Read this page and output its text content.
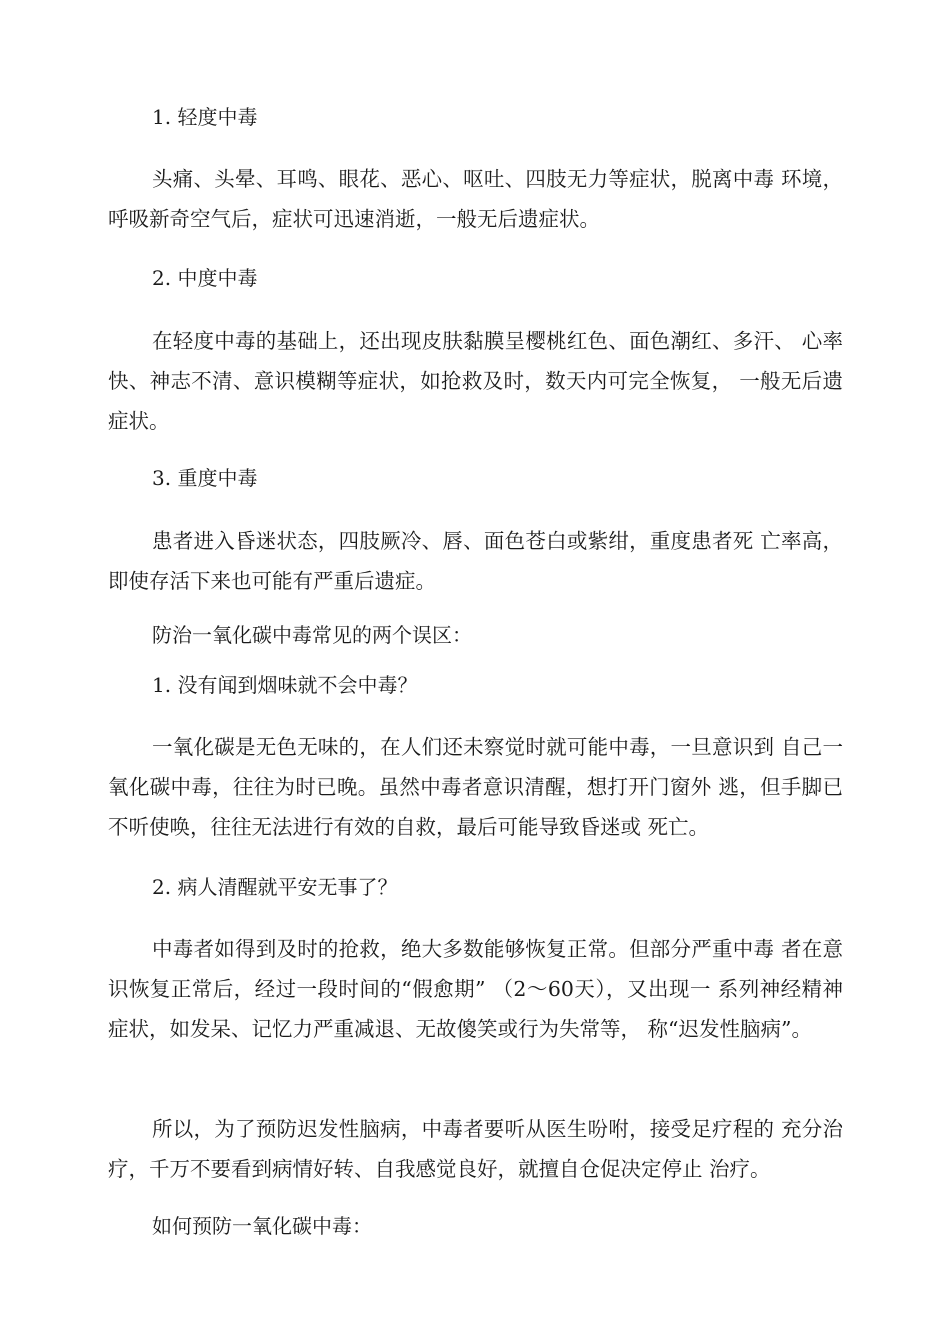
1. 轻度中毒
头痛、头晕、耳鸣、眼花、恶心、呕吐、四肢无力等症状，脱离中毒 环境，呼吸新奇空气后，症状可迅速消逝，一般无后遗症状。
2. 中度中毒
在轻度中毒的基础上，还出现皮肤黏膜呈樱桃红色、面色潮红、多汗、 心率快、神志不清、意识模糊等症状，如抢救及时，数天内可完全恢复， 一般无后遗症状。
3. 重度中毒
患者进入昏迷状态，四肢厥冷、唇、面色苍白或紫绀，重度患者死 亡率高，即使存活下来也可能有严重后遗症。
防治一氧化碳中毒常见的两个误区：
1. 没有闻到烟味就不会中毒？
一氧化碳是无色无味的，在人们还未察觉时就可能中毒，一旦意识到 自己一氧化碳中毒，往往为时已晚。虽然中毒者意识清醒，想打开门窗外 逃，但手脚已不听使唤，往往无法进行有效的自救，最后可能导致昏迷或 死亡。
2. 病人清醒就平安无事了？
中毒者如得到及时的抢救，绝大多数能够恢复正常。但部分严重中毒 者在意识恢复正常后，经过一段时间的“假愈期” （2〜60天），又出现一 系列神经精神症状，如发呆、记忆力严重减退、无故傻笑或行为失常等， 称“迟发性脑病”。
所以，为了预防迟发性脑病，中毒者要听从医生吩咐，接受足疗程的 充分治疗，千万不要看到病情好转、自我感觉良好，就擅自仓促决定停止 治疗。
如何预防一氧化碳中毒：
